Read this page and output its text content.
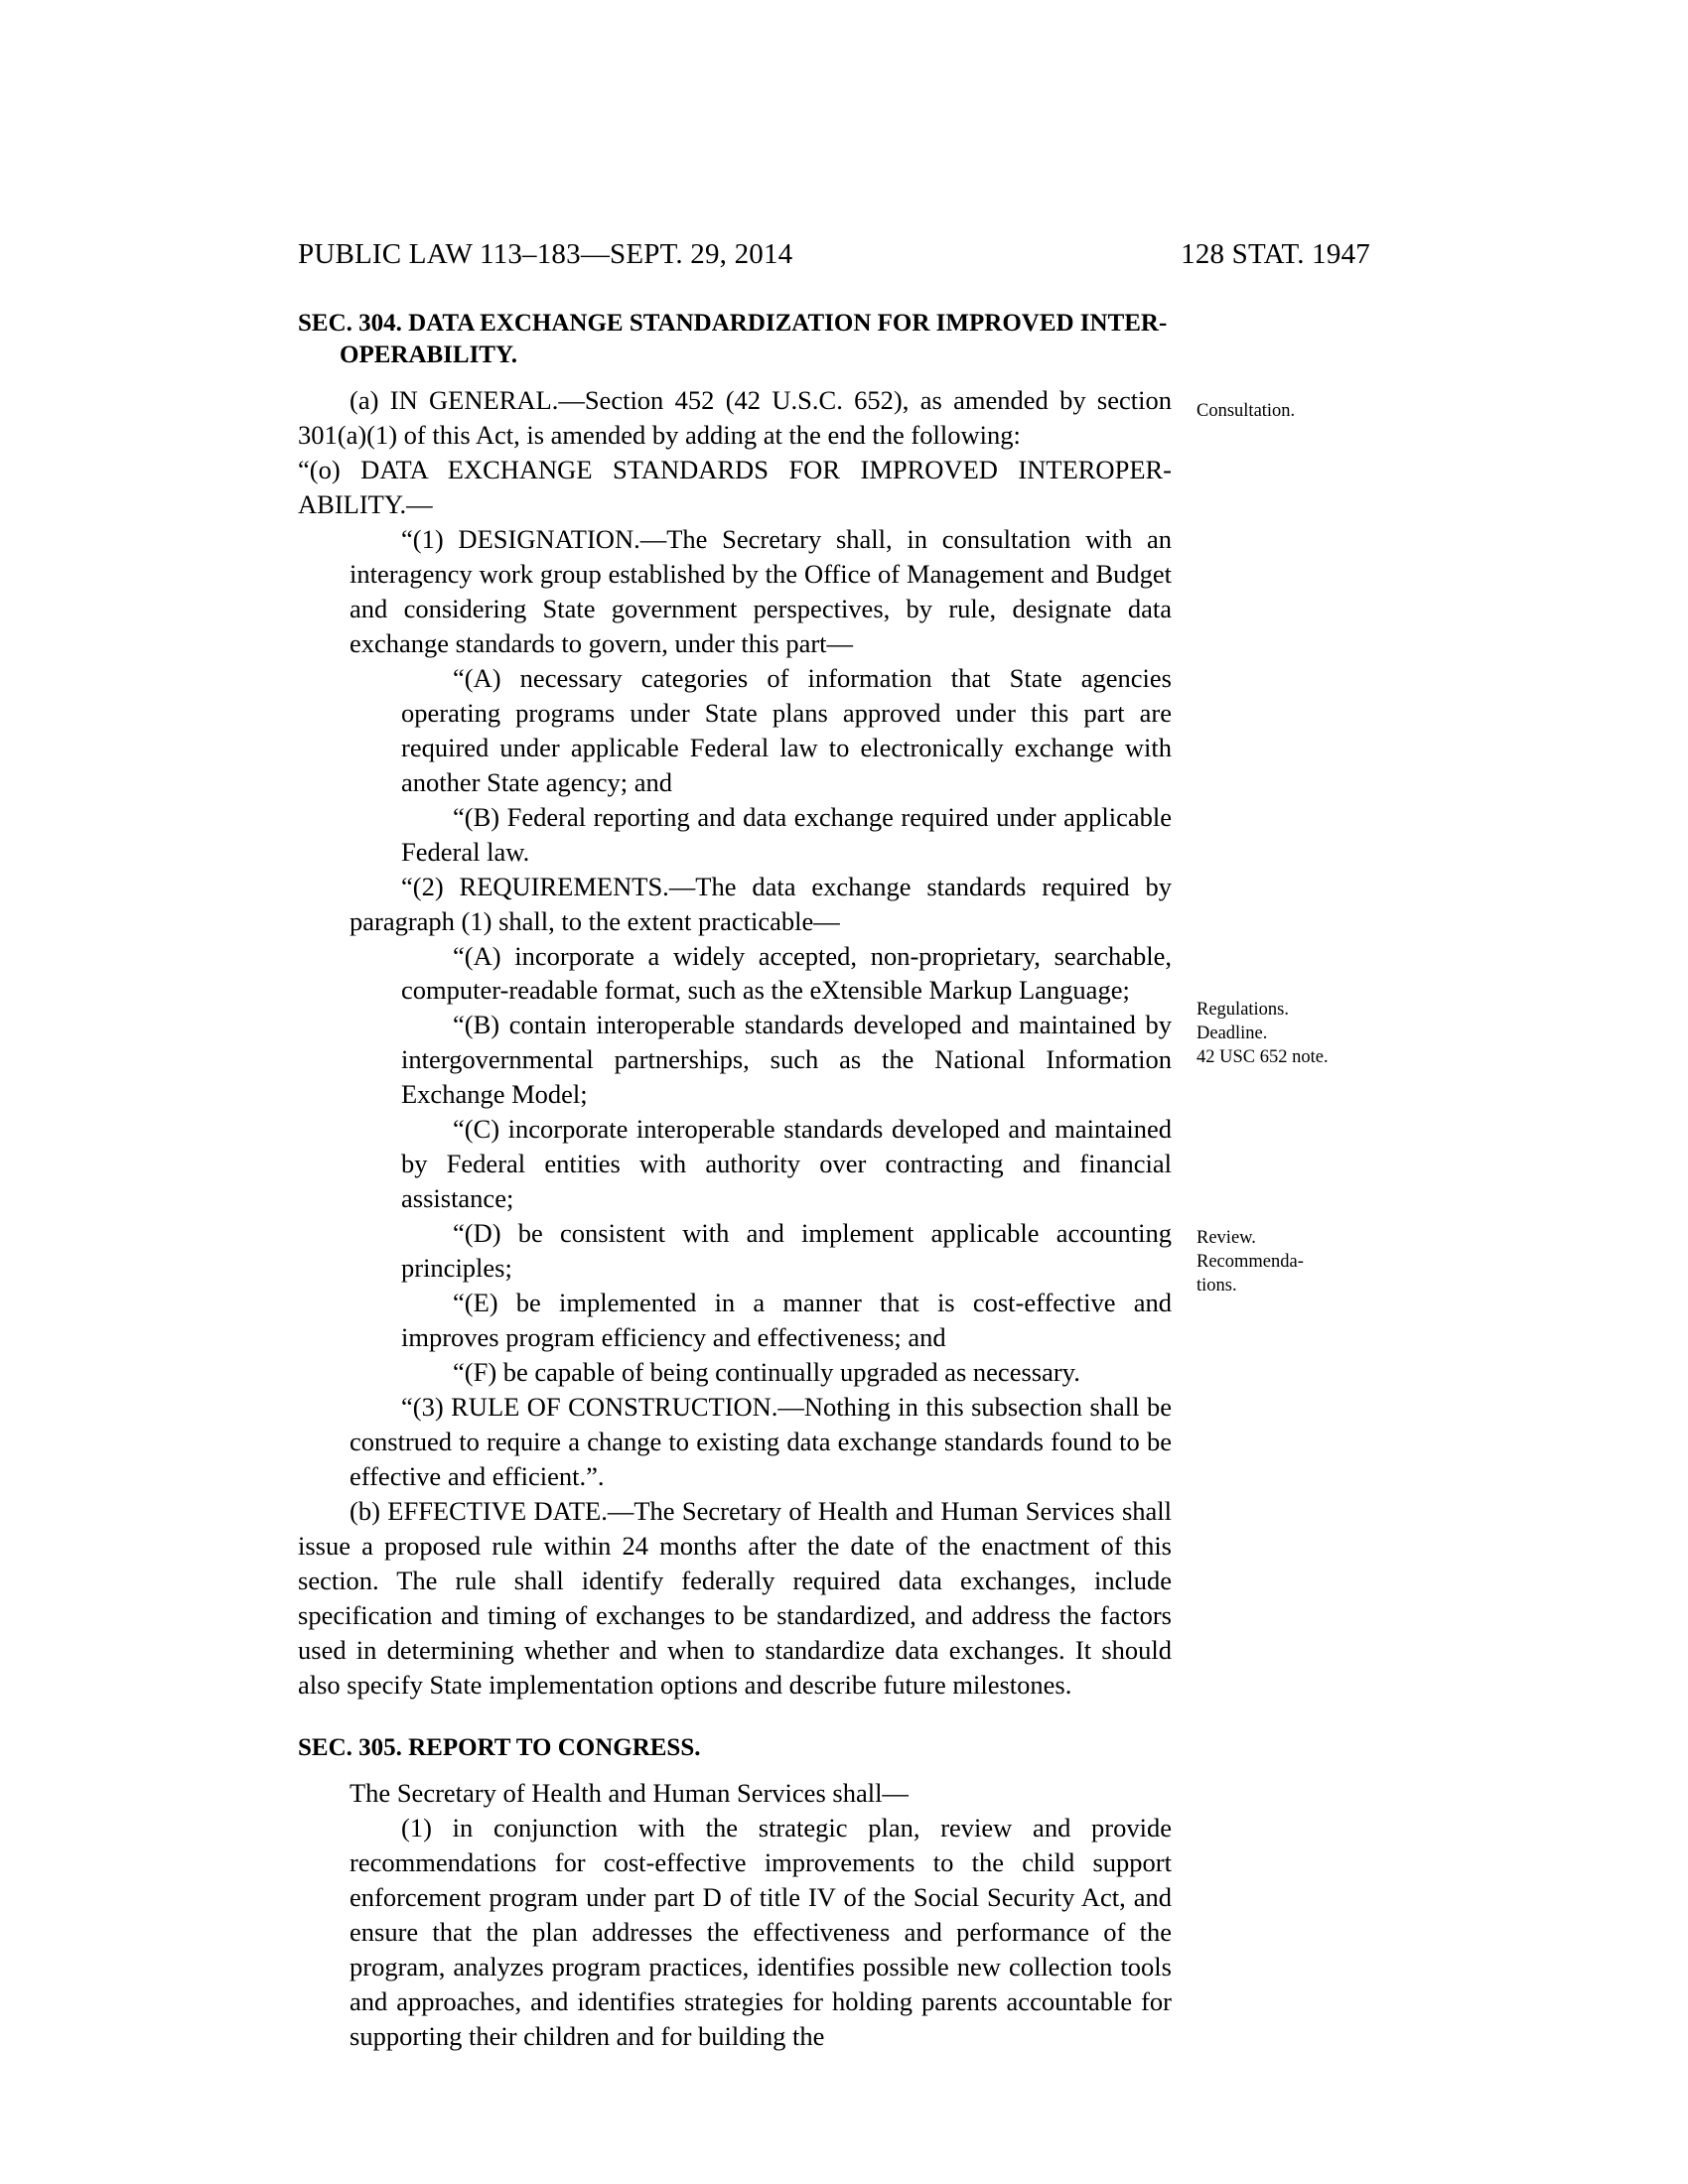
PUBLIC LAW 113–183—SEPT. 29, 2014	128 STAT. 1947
SEC. 304. DATA EXCHANGE STANDARDIZATION FOR IMPROVED INTER-
OPERABILITY.

(a) IN GENERAL.—Section 452 (42 U.S.C. 652), as amended by section 301(a)(1) of this Act, is amended by adding at the end the following:

“(o) DATA EXCHANGE STANDARDS FOR IMPROVED INTEROPER-ABILITY.—

“(1) DESIGNATION.—The Secretary shall, in consultation with an interagency work group established by the Office of Management and Budget and considering State government perspectives, by rule, designate data exchange standards to govern, under this part—

“(A) necessary categories of information that State agencies operating programs under State plans approved under this part are required under applicable Federal law to electronically exchange with another State agency; and

“(B) Federal reporting and data exchange required under applicable Federal law.

“(2) REQUIREMENTS.—The data exchange standards required by paragraph (1) shall, to the extent practicable—

“(A) incorporate a widely accepted, non-proprietary, searchable, computer-readable format, such as the eXtensible Markup Language;

“(B) contain interoperable standards developed and maintained by intergovernmental partnerships, such as the National Information Exchange Model;

“(C) incorporate interoperable standards developed and maintained by Federal entities with authority over contracting and financial assistance;

“(D) be consistent with and implement applicable accounting principles;

“(E) be implemented in a manner that is cost-effective and improves program efficiency and effectiveness; and

“(F) be capable of being continually upgraded as necessary.

“(3) RULE OF CONSTRUCTION.—Nothing in this subsection shall be construed to require a change to existing data exchange standards found to be effective and efficient.”.

(b) EFFECTIVE DATE.—The Secretary of Health and Human Services shall issue a proposed rule within 24 months after the date of the enactment of this section. The rule shall identify federally required data exchanges, include specification and timing of exchanges to be standardized, and address the factors used in determining whether and when to standardize data exchanges. It should also specify State implementation options and describe future milestones.

SEC. 305. REPORT TO CONGRESS.

The Secretary of Health and Human Services shall—

(1) in conjunction with the strategic plan, review and provide recommendations for cost-effective improvements to the child support enforcement program under part D of title IV of the Social Security Act, and ensure that the plan addresses the effectiveness and performance of the program, analyzes program practices, identifies possible new collection tools and approaches, and identifies strategies for holding parents accountable for supporting their children and for building the

Consultation.
Regulations.
Deadline.
42 USC 652 note.
Review.
Recommenda-
tions.
